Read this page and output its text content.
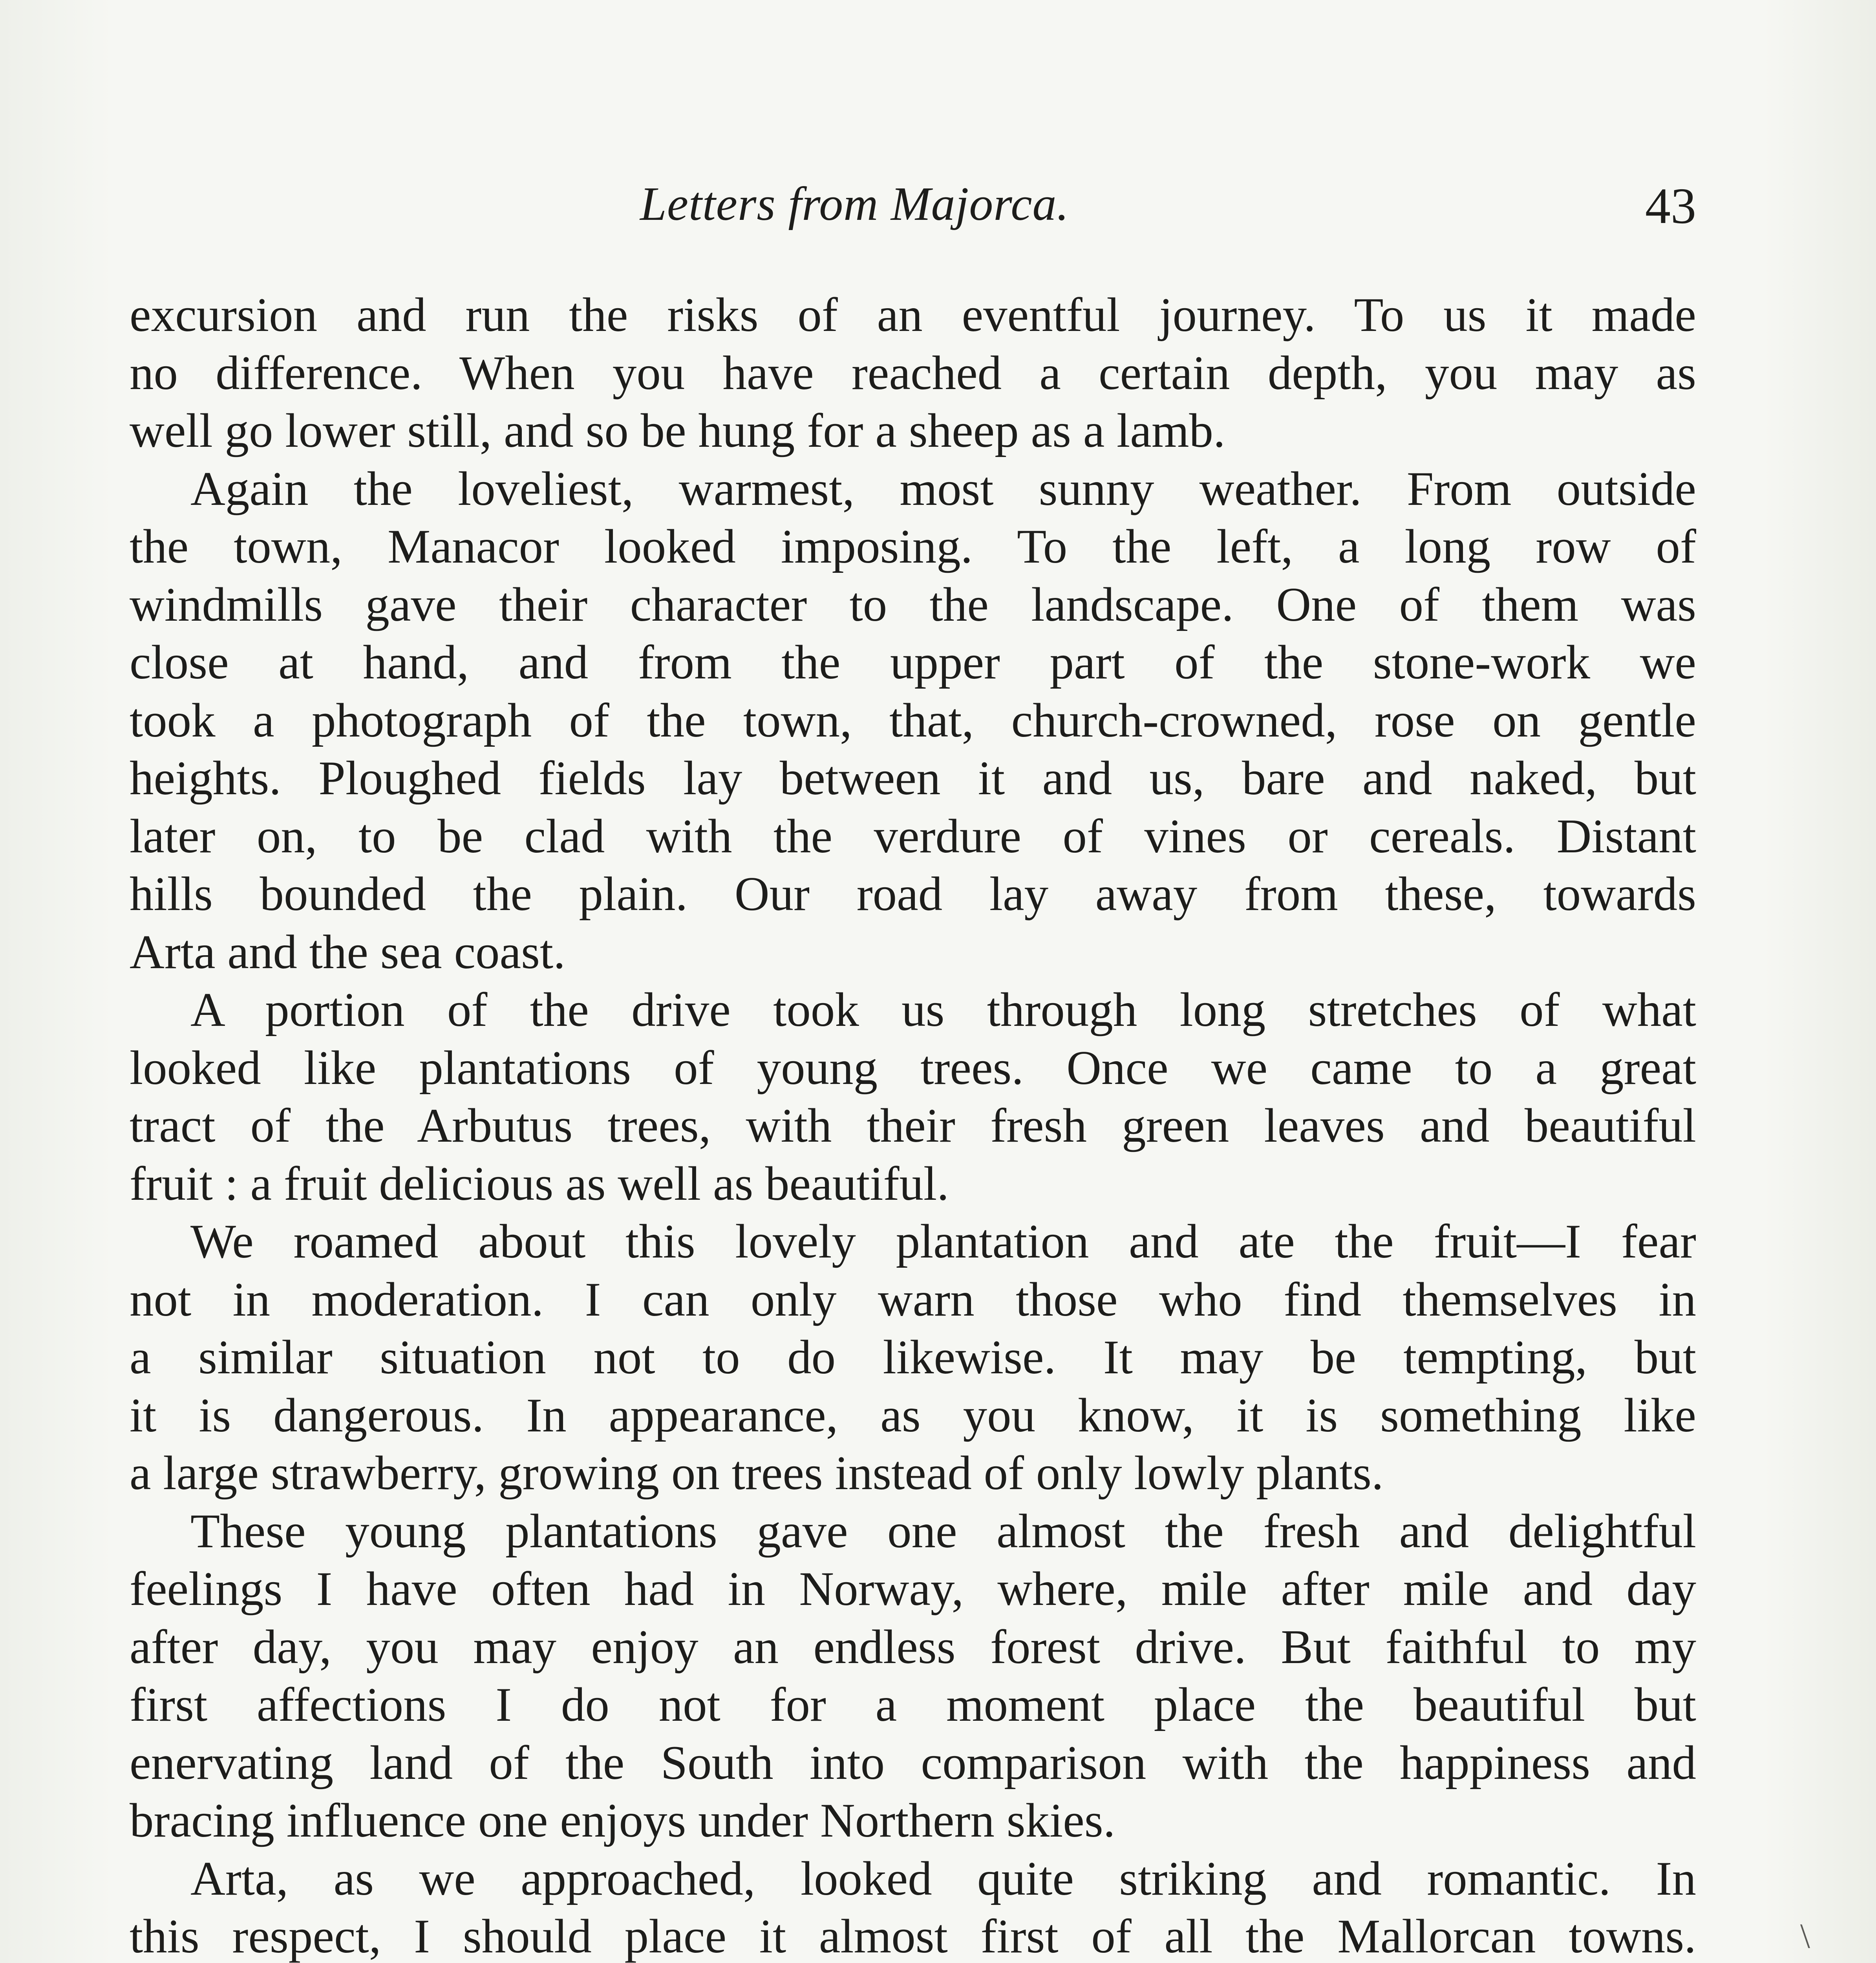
Letters from Majorca.	43
excursion and run the risks of an eventful journey. To us it made
no difference. When you have reached a certain depth, you may as
well go lower still, and so be hung for a sheep as a lamb.
Again the loveliest, warmest, most sunny weather. From outside
the town, Manacor looked imposing. To the left, a long row of
windmills gave their character to the landscape. One of them was
close at hand, and from the upper part of the stone-work we
took a photograph of the town, that, church-crowned, rose on gentle
heights. Ploughed fields lay between it and us, bare and naked, but
later on, to be clad with the verdure of vines or cereals. Distant
hills bounded the plain. Our road lay away from these, towards
Arta and the sea coast.
A portion of the drive took us through long stretches of what
looked like plantations of young trees. Once we came to a great
tract of the Arbutus trees, with their fresh green leaves and beautiful
fruit : a fruit delicious as well as beautiful.
We roamed about this lovely plantation and ate the fruit—I fear
not in moderation. I can only warn those who find themselves in
a similar situation not to do likewise. It may be tempting, but
it is dangerous. In appearance, as you know, it is something like
a large strawberry, growing on trees instead of only lowly plants.
These young plantations gave one almost the fresh and delightful
feelings I have often had in Norway, where, mile after mile and day
after day, you may enjoy an endless forest drive. But faithful to my
first affections I do not for a moment place the beautiful but
enervating land of the South into comparison with the happiness and
bracing influence one enjoys under Northern skies.
Arta, as we approached, looked quite striking and romantic. In
this respect, I should place it almost first of all the Mallorcan towns.	\
